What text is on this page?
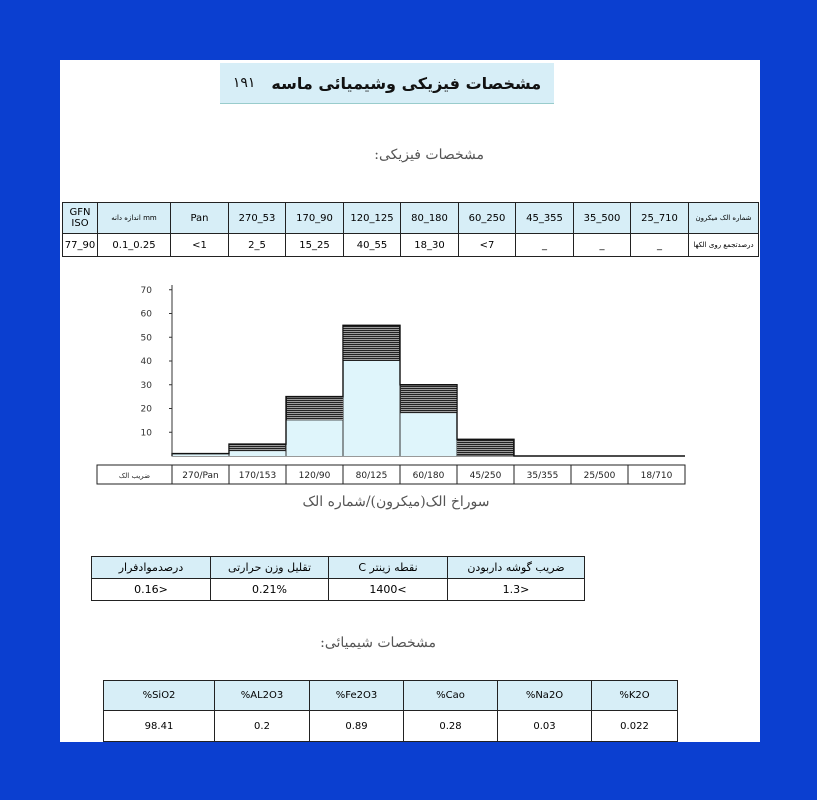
مشخصات فیزیکی وشیمیائی ماسه
۱۹۱
مشخصات فیزیکی:
GFN ISO	اندازه دانه mm	Pan	270_53	170_90	120_125	80_180	60_250	45_355	35_500	25_710	شماره الک میکرون
77_90	0.1_0.25	<1	2_5	15_25	40_55	18_30	<7	_	_	_	درصدتجمع روی الکها
10
20
30
40
50
60
70
ضریب الک	270/Pan 170/153 120/90	80/125	60/180	45/250	35/355	25/500	18/710
سوراخ الک(میکرون)/شماره الک
ضریب گوشه داربودن	نقطه زینتر C	تقلیل وزن حرارتی	درصدموادفرار
<1.3	>1400	0.21%	<0.16
مشخصات شیمیائی:
%SiO2	%AL2O3	%Fe2O3	%Cao	%Na2O	%K2O
98.41	0.2	0.89	0.28	0.03	0.022
